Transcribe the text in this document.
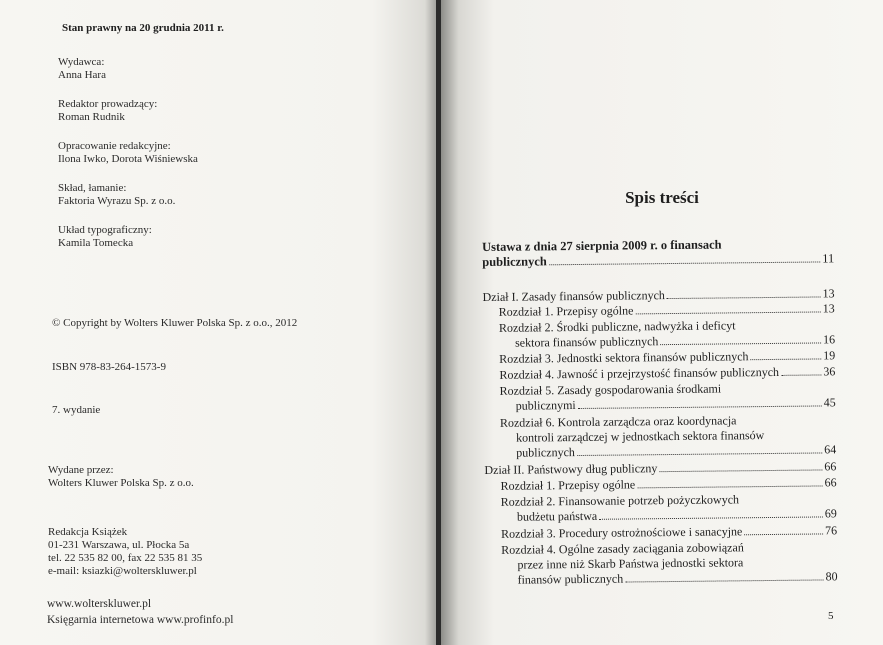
Stan prawny na 20 grudnia 2011 r.
Wydawca:
Anna Hara
Redaktor prowadzący:
Roman Rudnik
Opracowanie redakcyjne:
Ilona Iwko, Dorota Wiśniewska
Skład, łamanie:
Faktoria Wyrazu Sp. z o.o.
Układ typograficzny:
Kamila Tomecka
© Copyright by Wolters Kluwer Polska Sp. z o.o., 2012
ISBN 978-83-264-1573-9
7. wydanie
Wydane przez:
Wolters Kluwer Polska Sp. z o.o.
Redakcja Książek
01-231 Warszawa, ul. Płocka 5a
tel. 22 535 82 00, fax 22 535 81 35
e-mail: ksiazki@wolterskluwer.pl
www.wolterskluwer.pl
Księgarnia internetowa www.profinfo.pl
Spis treści
Ustawa z dnia 27 sierpnia 2009 r. o finansach
publicznych	11
Dział I. Zasady finansów publicznych	13
Rozdział 1. Przepisy ogólne	13
Rozdział 2. Środki publiczne, nadwyżka i deficyt
sektora finansów publicznych	16
Rozdział 3. Jednostki sektora finansów publicznych	19
Rozdział 4. Jawność i przejrzystość finansów publicznych	36
Rozdział 5. Zasady gospodarowania środkami
publicznymi	45
Rozdział 6. Kontrola zarządcza oraz koordynacja
kontroli zarządczej w jednostkach sektora finansów
publicznych	64
Dział II. Państwowy dług publiczny	66
Rozdział 1. Przepisy ogólne	66
Rozdział 2. Finansowanie potrzeb pożyczkowych
budżetu państwa	69
Rozdział 3. Procedury ostrożnościowe i sanacyjne	76
Rozdział 4. Ogólne zasady zaciągania zobowiązań
przez inne niż Skarb Państwa jednostki sektora
finansów publicznych	80
5
